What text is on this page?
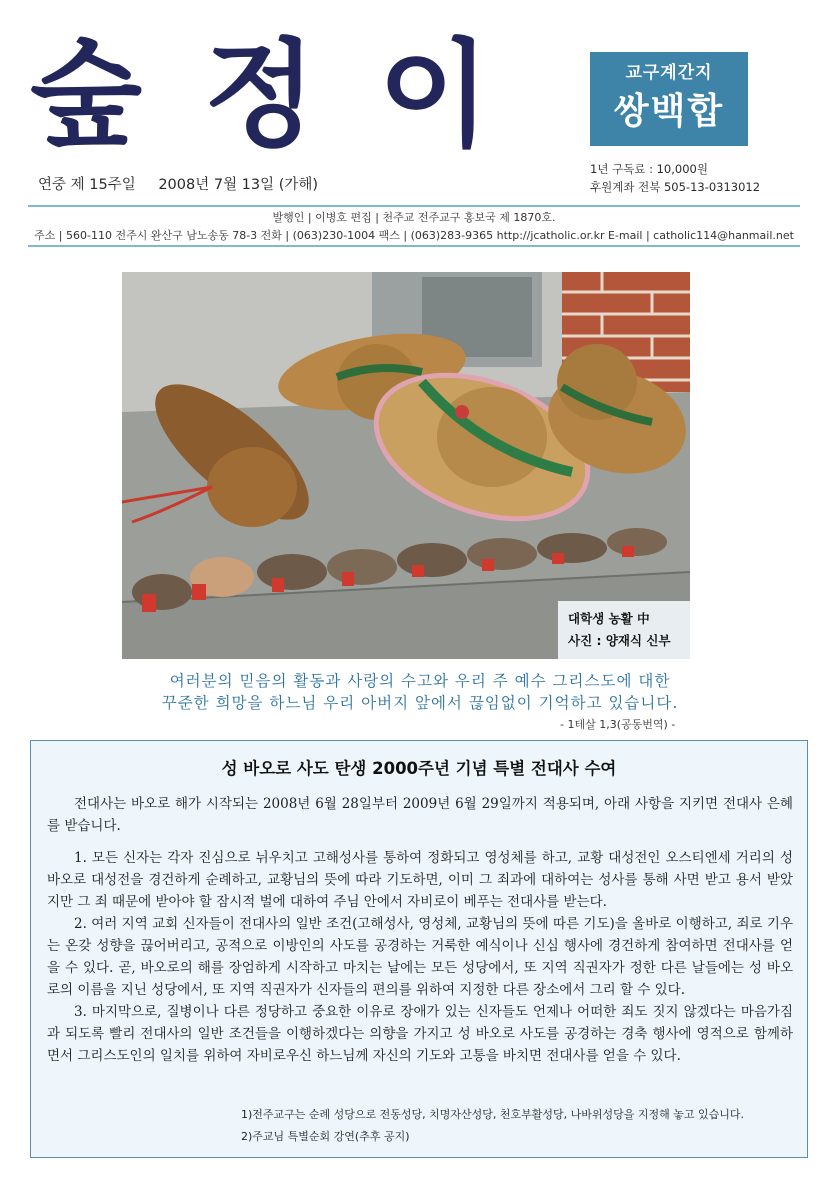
숲정이	교구계간지
쌍백합
연중 제 15주일 2008년 7월 13일 (가해)
1년 구독료 : 10,000원
후원계좌 전북 505-13-0313012
발행인 | 이병호 편집 | 천주교 전주교구 홍보국 제 1870호.
주소 | 560-110 전주시 완산구 남노송동 78-3 전화 | (063)230-1004 팩스 | (063)283-9365 http://jcatholic.or.kr E-mail | catholic114@hanmail.net
대학생 농활 中
사진 : 양재식 신부
여러분의 믿음의 활동과 사랑의 수고와 우리 주 예수 그리스도에 대한
꾸준한 희망을 하느님 우리 아버지 앞에서 끊임없이 기억하고 있습니다.
- 1테살 1,3(공동번역) -
성 바오로 사도 탄생 2000주년 기념 특별 전대사 수여

전대사는 바오로 해가 시작되는 2008년 6월 28일부터 2009년 6월 29일까지 적용되며, 아래 사항을 지키면 전대사 은혜를 받습니다.

1. 모든 신자는 각자 진심으로 뉘우치고 고해성사를 통하여 정화되고 영성체를 하고, 교황 대성전인 오스티엔세 거리의 성 바오로 대성전을 경건하게 순례하고, 교황님의 뜻에 따라 기도하면, 이미 그 죄과에 대하여는 성사를 통해 사면 받고 용서 받았지만 그 죄 때문에 받아야 할 잠시적 벌에 대하여 주님 안에서 자비로이 베푸는 전대사를 받는다.

2. 여러 지역 교회 신자들이 전대사의 일반 조건(고해성사, 영성체, 교황님의 뜻에 따른 기도)을 올바로 이행하고, 죄로 기우는 온갖 성향을 끊어버리고, 공적으로 이방인의 사도를 공경하는 거룩한 예식이나 신심 행사에 경건하게 참여하면 전대사를 얻을 수 있다. 곧, 바오로의 해를 장엄하게 시작하고 마치는 날에는 모든 성당에서, 또 지역 직권자가 정한 다른 날들에는 성 바오로의 이름을 지닌 성당에서, 또 지역 직권자가 신자들의 편의를 위하여 지정한 다른 장소에서 그리 할 수 있다.

3. 마지막으로, 질병이나 다른 정당하고 중요한 이유로 장애가 있는 신자들도 언제나 어떠한 죄도 짓지 않겠다는 마음가짐과 되도록 빨리 전대사의 일반 조건들을 이행하겠다는 의향을 가지고 성 바오로 사도를 공경하는 경축 행사에 영적으로 함께하면서 그리스도인의 일치를 위하여 자비로우신 하느님께 자신의 기도와 고통을 바치면 전대사를 얻을 수 있다.

1)전주교구는 순례 성당으로 전동성당, 치명자산성당, 천호부활성당, 나바위성당을 지정해 놓고 있습니다.
2)주교님 특별순회 강연(추후 공지)
